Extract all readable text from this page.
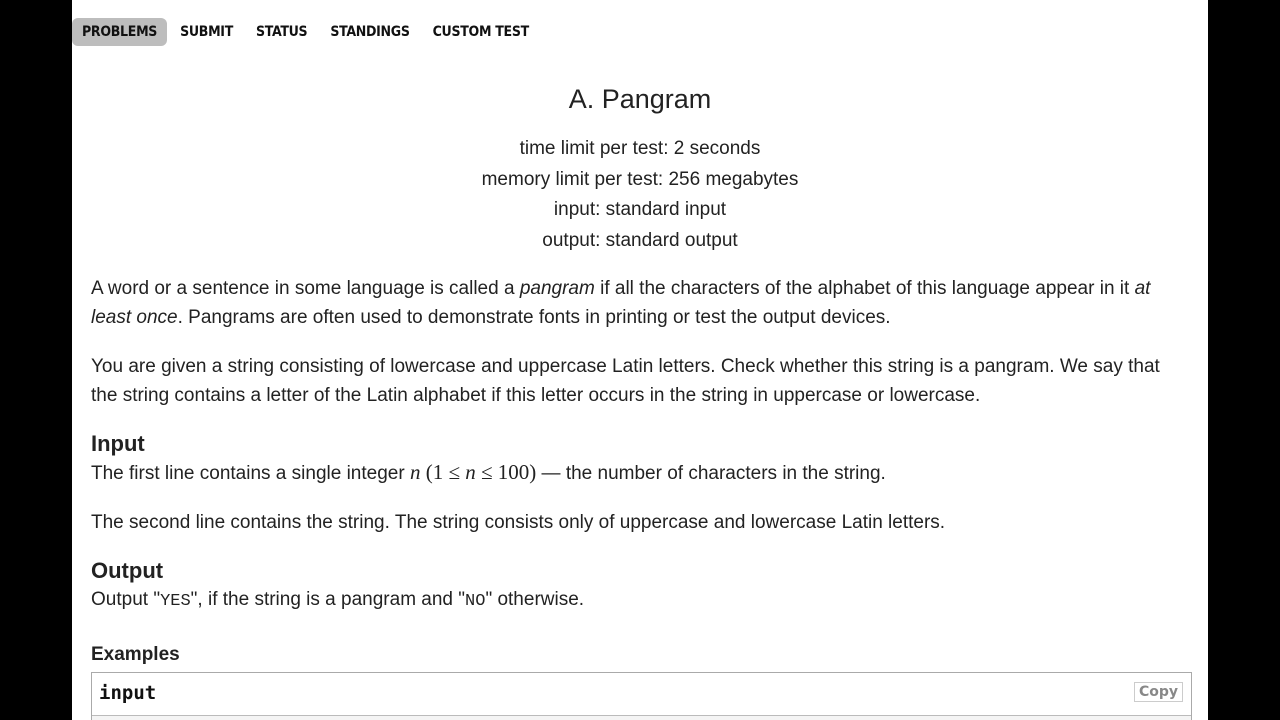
PROBLEMS	SUBMIT	STATUS	STANDINGS	CUSTOM TEST
A. Pangram
time limit per test: 2 seconds
memory limit per test: 256 megabytes
input: standard input
output: standard output

A word or a sentence in some language is called a pangram if all the characters of the alphabet of this language appear in it at least once. Pangrams are often used to demonstrate fonts in printing or test the output devices.

You are given a string consisting of lowercase and uppercase Latin letters. Check whether this string is a pangram. We say that the string contains a letter of the Latin alphabet if this letter occurs in the string in uppercase or lowercase.

Input

The first line contains a single integer n (1 ≤ n ≤ 100) — the number of characters in the string.

The second line contains the string. The string consists only of uppercase and lowercase Latin letters.

Output

Output "YES", if the string is a pangram and "NO" otherwise.

Examples
input	Copy
